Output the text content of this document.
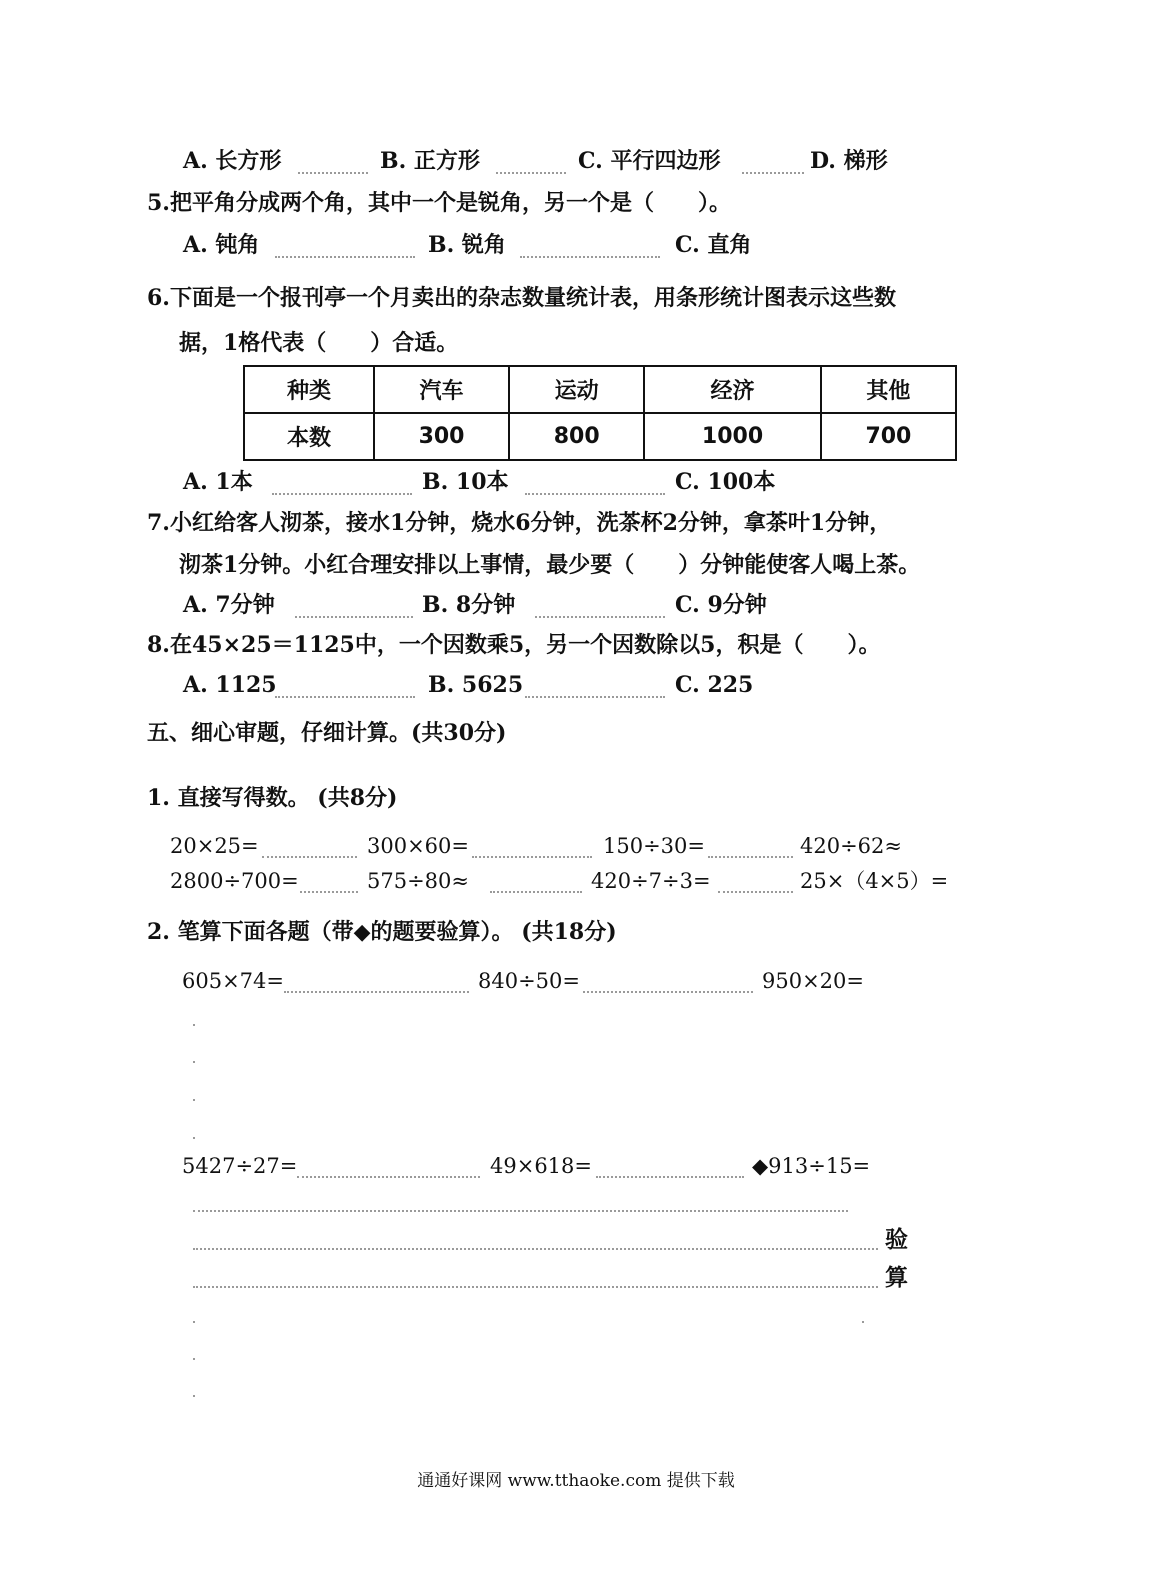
A. 长方形	B. 正方形	C. 平行四边形	D. 梯形
5.把平角分成两个角，其中一个是锐角，另一个是（　　）。
A. 钝角	B. 锐角	C. 直角
6.下面是一个报刊亭一个月卖出的杂志数量统计表，用条形统计图表示这些数
据，1格代表（　　）合适。
种类	汽车	运动	经济	其他
本数	300	800	1000	700
A. 1本	B. 10本	C. 100本
7.小红给客人沏茶，接水1分钟，烧水6分钟，洗茶杯2分钟，拿茶叶1分钟，
沏茶1分钟。小红合理安排以上事情，最少要（　　）分钟能使客人喝上茶。
A. 7分钟	B. 8分钟	C. 9分钟
8.在45×25＝1125中，一个因数乘5，另一个因数除以5，积是（　　）。
A. 1125	B. 5625	C. 225
五、细心审题，仔细计算。(共30分)
1. 直接写得数。 (共8分)
20×25=	300×60=	150÷30=	420÷62≈
2800÷700=	575÷80≈	420÷7÷3=	25×（4×5）=
2. 笔算下面各题（带◆的题要验算）。 (共18分)
605×74=	840÷50=	950×20=
5427÷27=	49×618=	◆913÷15=
验
算
通通好课网 www.tthaoke.com 提供下载
